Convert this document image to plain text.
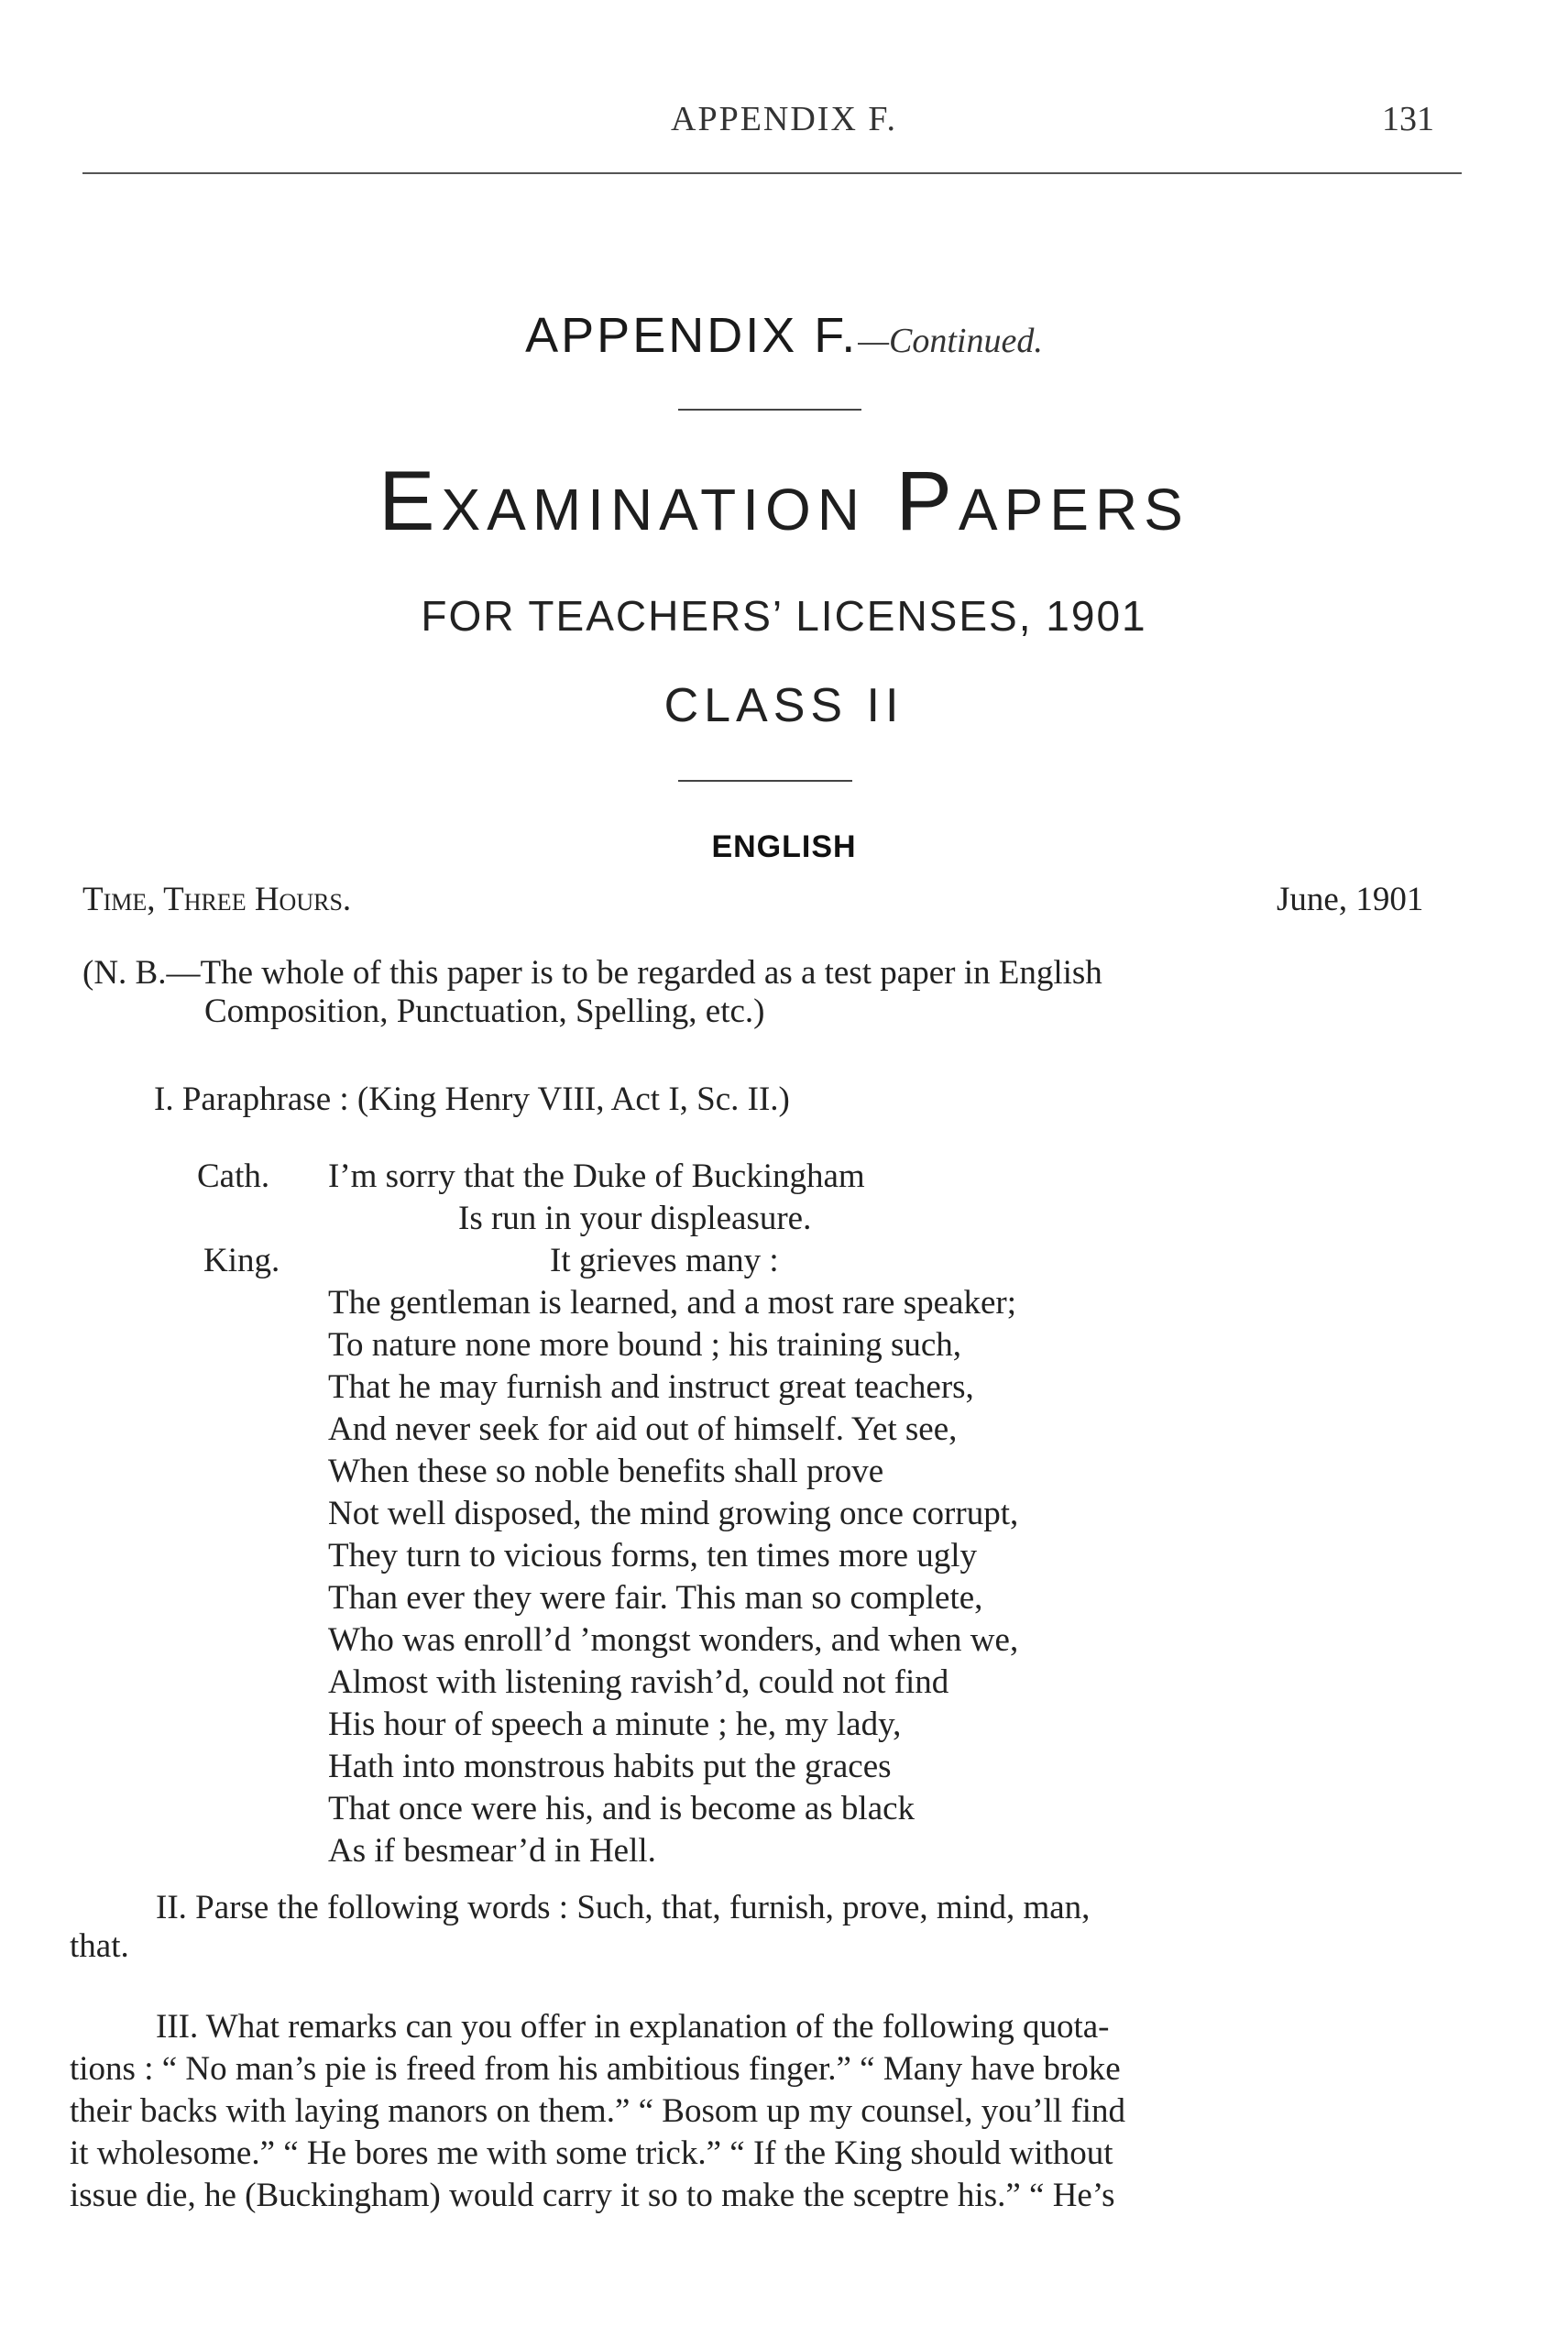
APPENDIX F.	131
APPENDIX F.—Continued.
Examination Papers
FOR TEACHERS’ LICENSES, 1901
CLASS II
ENGLISH
Time, Three Hours.	June, 1901
(N. B.—The whole of this paper is to be regarded as a test paper in English
Composition, Punctuation, Spelling, etc.)
I. Paraphrase : (King Henry VIII, Act I, Sc. II.)
Cath. I’m sorry that the Duke of Buckingham
Is run in your displeasure.
King.	It grieves many :
The gentleman is learned, and a most rare speaker;
To nature none more bound ; his training such,
That he may furnish and instruct great teachers,
And never seek for aid out of himself. Yet see,
When these so noble benefits shall prove
Not well disposed, the mind growing once corrupt,
They turn to vicious forms, ten times more ugly
Than ever they were fair. This man so complete,
Who was enroll’d ’mongst wonders, and when we,
Almost with listening ravish’d, could not find
His hour of speech a minute ; he, my lady,
Hath into monstrous habits put the graces
That once were his, and is become as black
As if besmear’d in Hell.
II. Parse the following words : Such, that, furnish, prove, mind, man,
that.
III. What remarks can you offer in explanation of the following quota-
tions : “ No man’s pie is freed from his ambitious finger.” “ Many have broke
their backs with laying manors on them.” “ Bosom up my counsel, you’ll find
it wholesome.” “ He bores me with some trick.” “ If the King should without
issue die, he (Buckingham) would carry it so to make the sceptre his.” “ He’s
